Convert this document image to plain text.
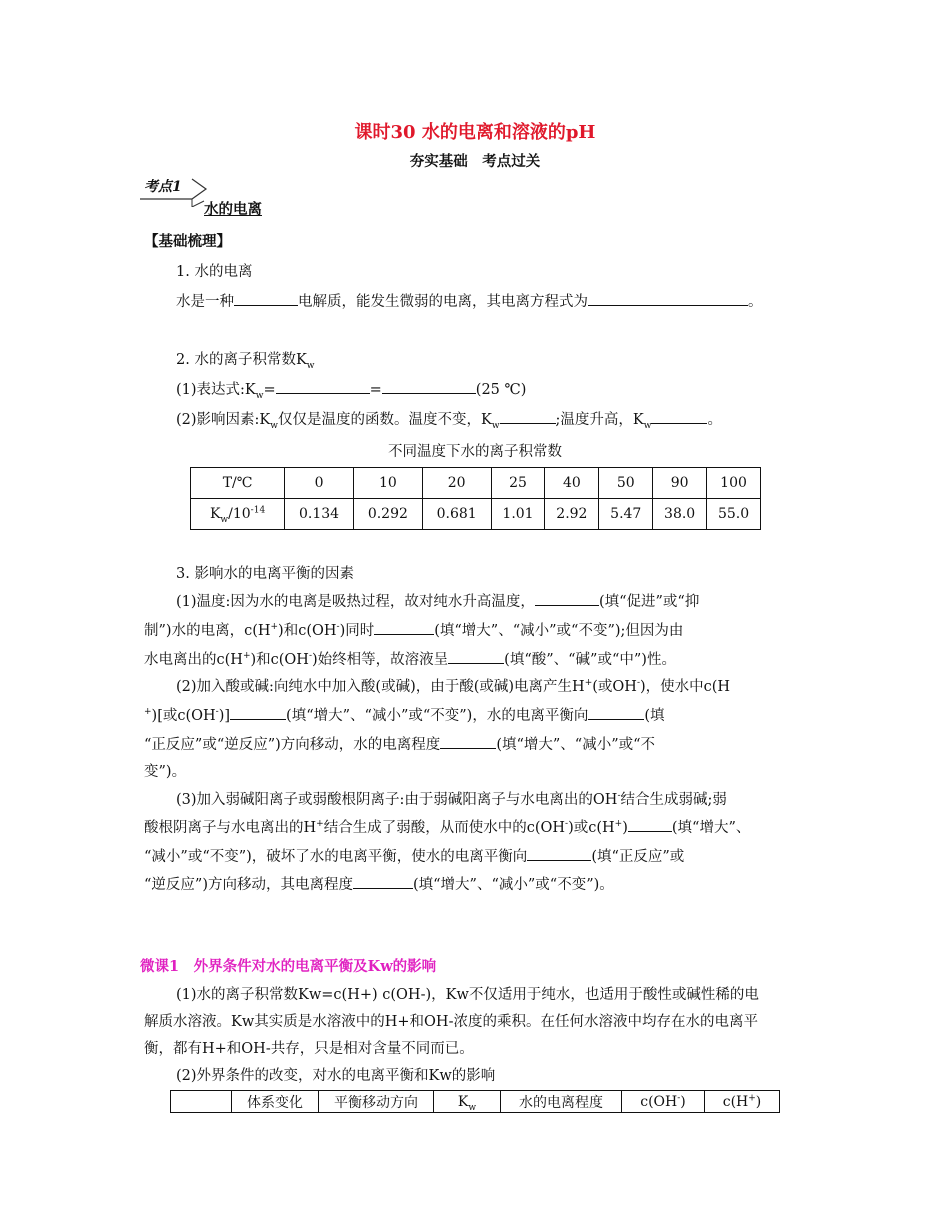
课时30 水的电离和溶液的pH
夯实基础　考点过关
考点1
水的电离
【基础梳理】
1. 水的电离
水是一种	电解质，能发生微弱的电离，其电离方程式为	。
2. 水的离子积常数$K_w$
(1)表达式$:K_w=$	=	(25 ℃)
(2)影响因素$:K_w$仅仅是温度的函数。温度不变，$K_w$	;温度升高，$K_w$	。
不同温度下水的离子积常数
T/℃	0	10	20	25	40	50	90	100
$K_w/10^{-14}$	0.134	0.292	0.681	1.01	2.92	5.47	38.0	55.0
3. 影响水的电离平衡的因素
(1)温度:因为水的电离是吸热过程，故对纯水升高温度，	(填“促进”或“抑
制”)水的电离，c(H+)和c(OH-)同时	(填“增大”、“减小”或“不变”);但因为由
水电离出的c(H+)和c(OH-)始终相等，故溶液呈	(填“酸”、“碱”或“中”)性。
(2)加入酸或碱:向纯水中加入酸(或碱)，由于酸(或碱)电离产生H+(或OH-)，使水中c(H
+)[或c(OH-)]	(填“增大”、“减小”或“不变”)，水的电离平衡向	(填
“正反应”或“逆反应”)方向移动，水的电离程度	(填“增大”、“减小”或“不
变”)。
(3)加入弱碱阳离子或弱酸根阴离子:由于弱碱阳离子与水电离出的OH-结合生成弱碱;弱
酸根阴离子与水电离出的H+结合生成了弱酸，从而使水中的c(OH-)或c(H+)	(填“增大”、
“减小”或“不变”)，破坏了水的电离平衡，使水的电离平衡向	(填“正反应”或
“逆反应”)方向移动，其电离程度	(填“增大”、“减小”或“不变”)。
微课1　外界条件对水的电离平衡及Kw的影响
(1)水的离子积常数Kw=c(H+) c(OH-)，Kw不仅适用于纯水，也适用于酸性或碱性稀的电
解质水溶液。Kw其实质是水溶液中的H+和OH-浓度的乘积。在任何水溶液中均存在水的电离平
衡，都有H+和OH-共存，只是相对含量不同而已。
(2)外界条件的改变，对水的电离平衡和Kw的影响
	体系变化	平衡移动方向	$K_w$	水的电离程度	c(OH-)	c(H+)
